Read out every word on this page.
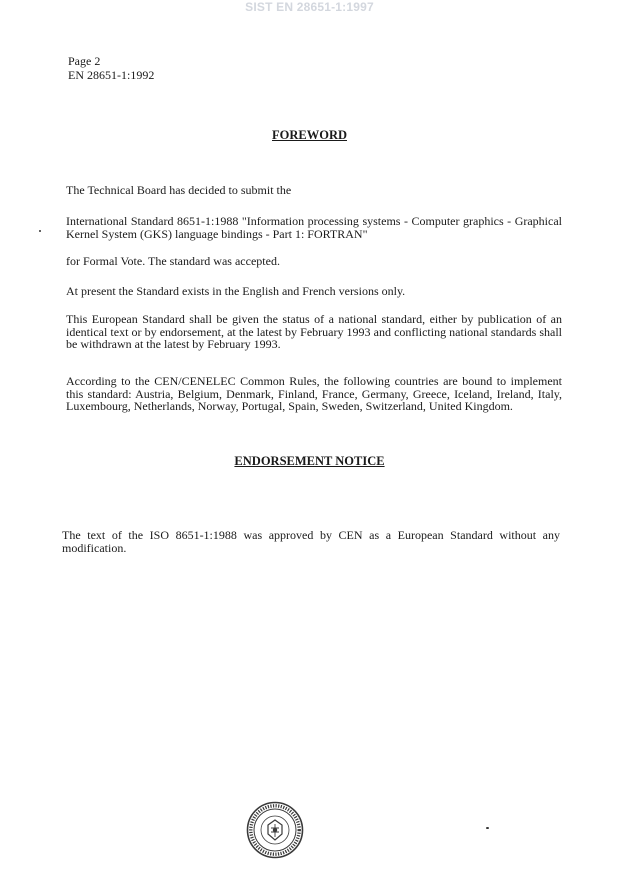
SIST EN 28651-1:1997
Page 2
EN 28651-1:1992
FOREWORD

The Technical Board has decided to submit the

International Standard 8651-1:1988 "Information processing systems - Computer graphics - Graphical Kernel System (GKS) language bindings - Part 1: FORTRAN"

for Formal Vote. The standard was accepted.

At present the Standard exists in the English and French versions only.

This European Standard shall be given the status of a national standard, either by publication of an identical text or by endorsement, at the latest by February 1993 and conflicting national standards shall be withdrawn at the latest by February 1993.

According to the CEN/CENELEC Common Rules, the following countries are bound to implement this standard: Austria, Belgium, Denmark, Finland, France, Germany, Greece, Iceland, Ireland, Italy, Luxembourg, Netherlands, Norway, Portugal, Spain, Sweden, Switzerland, United Kingdom.

ENDORSEMENT NOTICE

The text of the ISO 8651-1:1988 was approved by CEN as a European Standard without any modification.
